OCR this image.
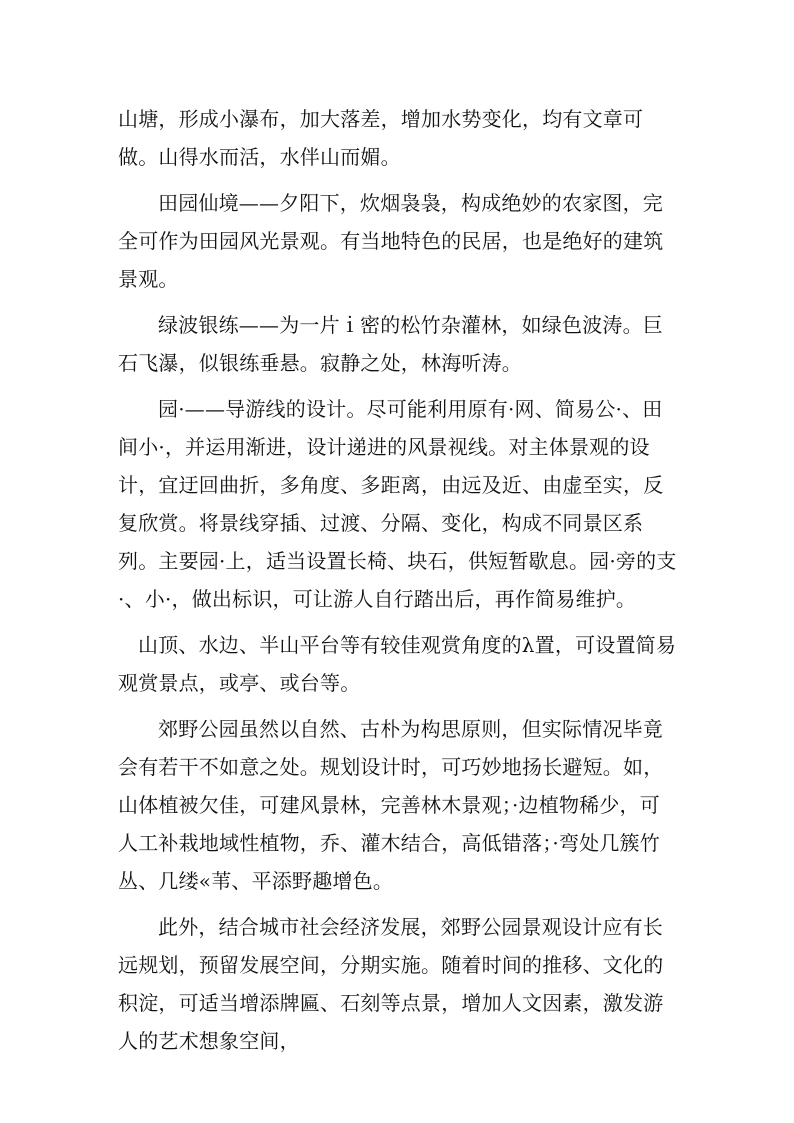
山塘，形成小瀑布，加大落差，增加水势变化，均有文章可做。山得水而活，水伴山而媚。

田园仙境——夕阳下，炊烟袅袅，构成绝妙的农家图，完全可作为田园风光景观。有当地特色的民居，也是绝好的建筑景观。

绿波银练——为一片ｉ密的松竹杂灌林，如绿色波涛。巨石飞瀑，似银练垂悬。寂静之处，林海听涛。

园·——导游线的设计。尽可能利用原有·网、简易公·、田间小·，并运用渐进，设计递进的风景视线。对主体景观的设计，宜迂回曲折，多角度、多距离，由远及近、由虚至实，反复欣赏。将景线穿插、过渡、分隔、变化，构成不同景区系列。主要园·上，适当设置长椅、块石，供短暂歇息。园·旁的支·、小·，做出标识，可让游人自行踏出后，再作简易维护。

山顶、水边、半山平台等有较佳观赏角度的λ置，可设置简易观赏景点，或亭、或台等。

郊野公园虽然以自然、古朴为构思原则，但实际情况毕竟会有若干不如意之处。规划设计时，可巧妙地扬长避短。如，山体植被欠佳，可建风景林，完善林木景观；·边植物稀少，可人工补栽地域性植物，乔、灌木结合，高低错落；·弯处几簇竹丛、几缕«苇、平添野趣增色。

此外，结合城市社会经济发展，郊野公园景观设计应有长远规划，预留发展空间，分期实施。随着时间的推移、文化的积淀，可适当增添牌匾、石刻等点景，增加人文因素，激发游人的艺术想象空间，
